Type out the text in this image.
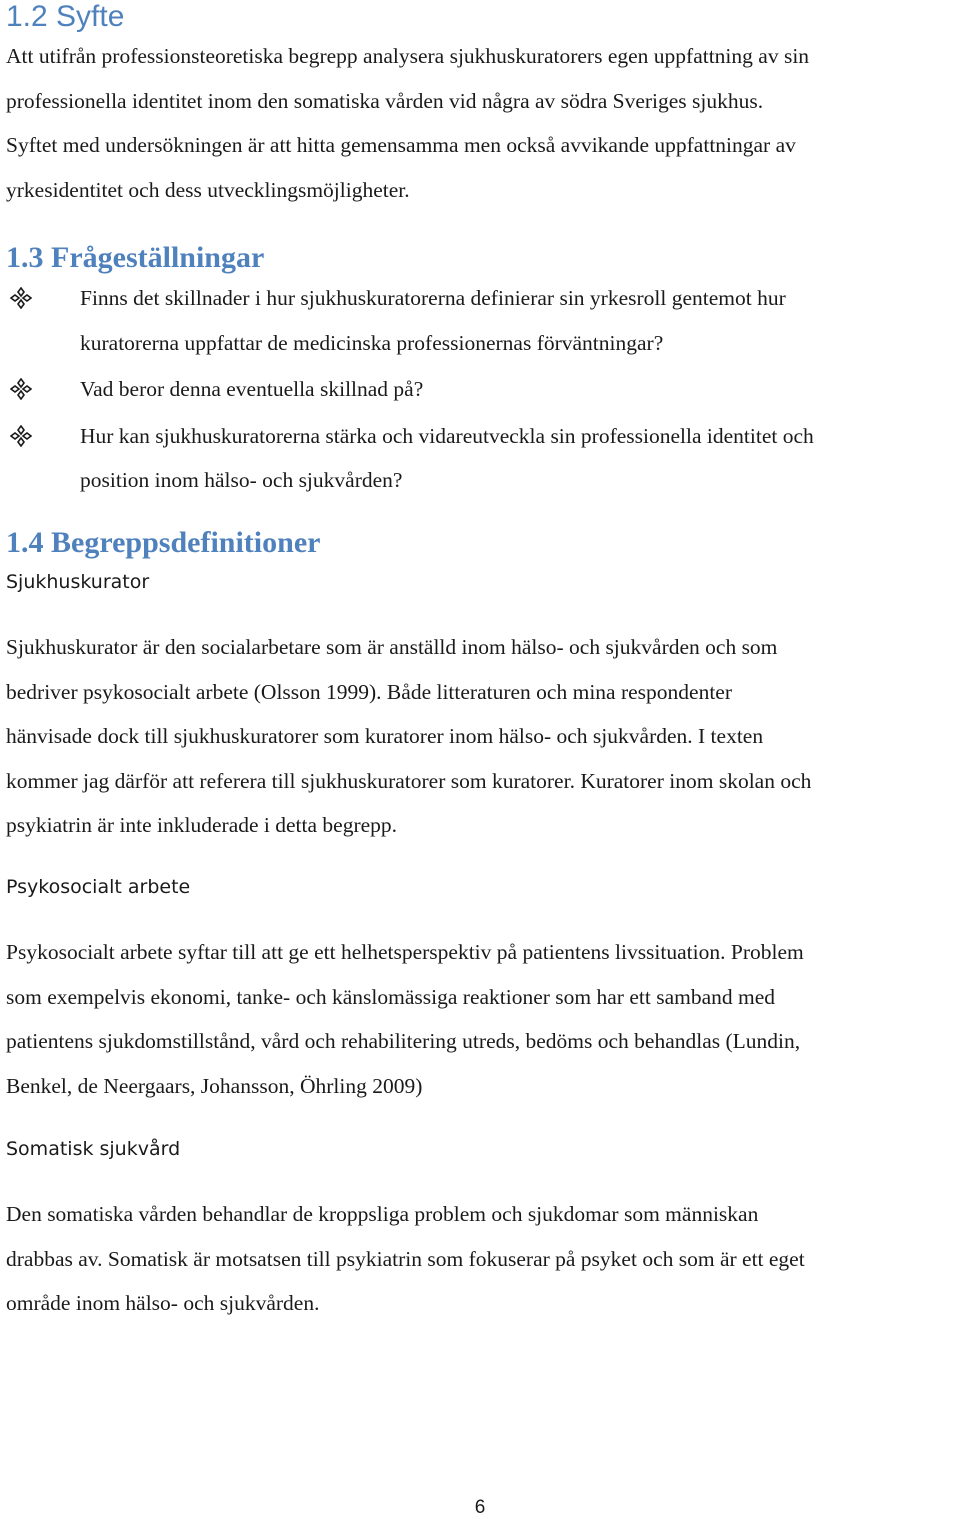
1.2 Syfte
Att utifrån professionsteoretiska begrepp analysera sjukhuskuratorers egen uppfattning av sin
professionella identitet inom den somatiska vården vid några av södra Sveriges sjukhus.
Syftet med undersökningen är att hitta gemensamma men också avvikande uppfattningar av
yrkesidentitet och dess utvecklingsmöjligheter.
1.3 Frågeställningar
Finns det skillnader i hur sjukhuskuratorerna definierar sin yrkesroll gentemot hur
kuratorerna uppfattar de medicinska professionernas förväntningar?
Vad beror denna eventuella skillnad på?
Hur kan sjukhuskuratorerna stärka och vidareutveckla sin professionella identitet och
position inom hälso- och sjukvården?
1.4 Begreppsdefinitioner
Sjukhuskurator
Sjukhuskurator är den socialarbetare som är anställd inom hälso- och sjukvården och som
bedriver psykosocialt arbete (Olsson 1999). Både litteraturen och mina respondenter
hänvisade dock till sjukhuskuratorer som kuratorer inom hälso- och sjukvården. I texten
kommer jag därför att referera till sjukhuskuratorer som kuratorer. Kuratorer inom skolan och
psykiatrin är inte inkluderade i detta begrepp.
Psykosocialt arbete
Psykosocialt arbete syftar till att ge ett helhetsperspektiv på patientens livssituation. Problem
som exempelvis ekonomi, tanke- och känslomässiga reaktioner som har ett samband med
patientens sjukdomstillstånd, vård och rehabilitering utreds, bedöms och behandlas (Lundin,
Benkel, de Neergaars, Johansson, Öhrling 2009)
Somatisk sjukvård
Den somatiska vården behandlar de kroppsliga problem och sjukdomar som människan
drabbas av. Somatisk är motsatsen till psykiatrin som fokuserar på psyket och som är ett eget
område inom hälso- och sjukvården.
6
